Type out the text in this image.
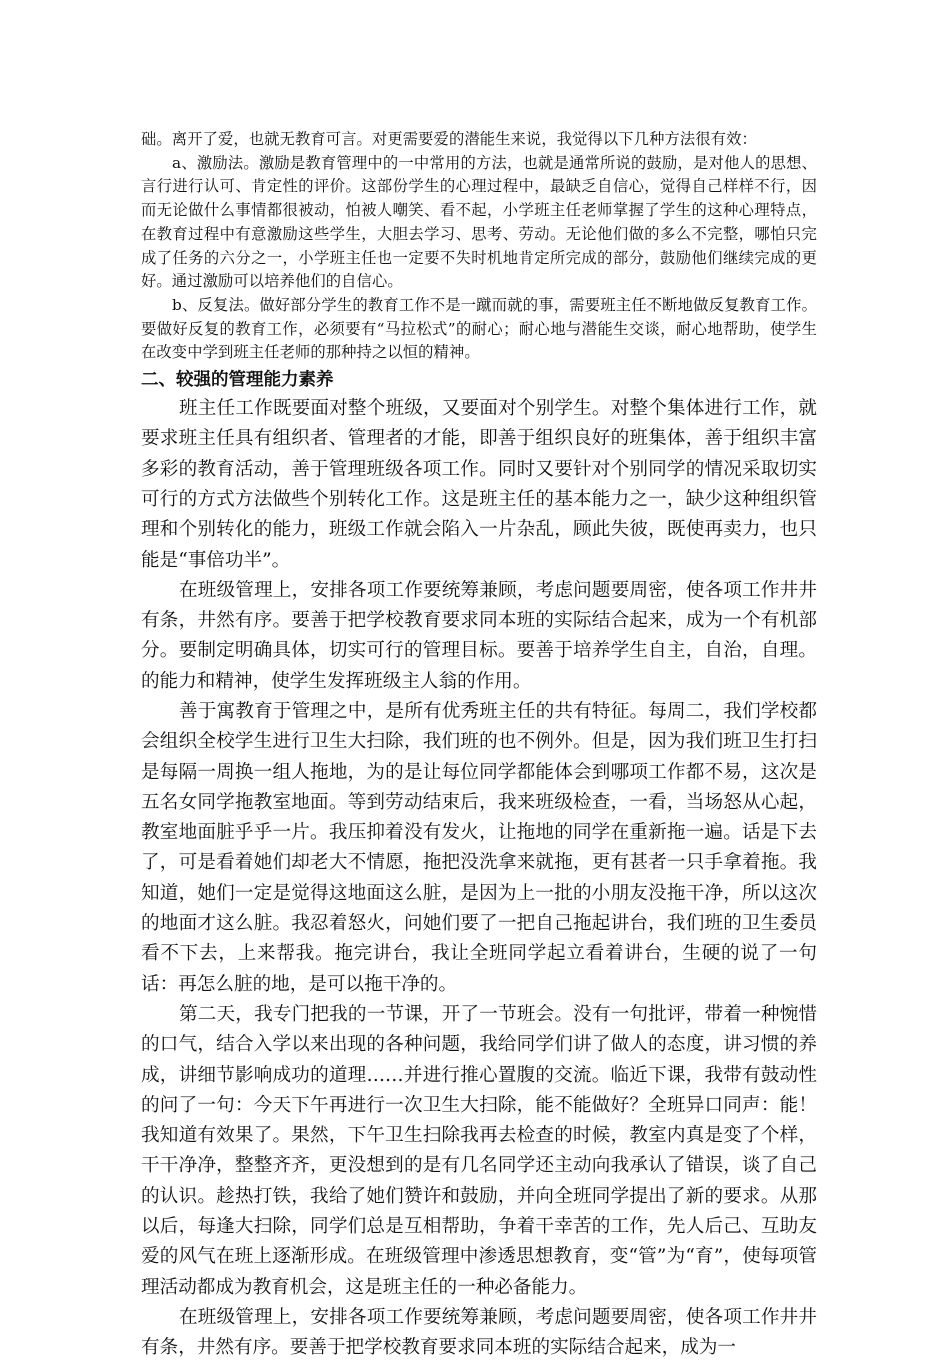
础。离开了爱，也就无教育可言。对更需要爱的潜能生来说，我觉得以下几种方法很有效：

a、激励法。激励是教育管理中的一中常用的方法，也就是通常所说的鼓励，是对他人的思想、言行进行认可、肯定性的评价。这部份学生的心理过程中，最缺乏自信心，觉得自己样样不行，因而无论做什么事情都很被动，怕被人嘲笑、看不起，小学班主任老师掌握了学生的这种心理特点，在教育过程中有意激励这些学生，大胆去学习、思考、劳动。无论他们做的多么不完整，哪怕只完成了任务的六分之一，小学班主任也一定要不失时机地肯定所完成的部分，鼓励他们继续完成的更好。通过激励可以培养他们的自信心。

b、反复法。做好部分学生的教育工作不是一蹴而就的事，需要班主任不断地做反复教育工作。要做好反复的教育工作，必须要有“马拉松式”的耐心；耐心地与潜能生交谈，耐心地帮助，使学生在改变中学到班主任老师的那种持之以恒的精神。

二、较强的管理能力素养

班主任工作既要面对整个班级，又要面对个别学生。对整个集体进行工作，就要求班主任具有组织者、管理者的才能，即善于组织良好的班集体，善于组织丰富多彩的教育活动，善于管理班级各项工作。同时又要针对个别同学的情况采取切实可行的方式方法做些个别转化工作。这是班主任的基本能力之一，缺少这种组织管理和个别转化的能力，班级工作就会陷入一片杂乱，顾此失彼，既使再卖力，也只能是“事倍功半”。

在班级管理上，安排各项工作要统筹兼顾，考虑问题要周密，使各项工作井井有条，井然有序。要善于把学校教育要求同本班的实际结合起来，成为一个有机部分。要制定明确具体，切实可行的管理目标。要善于培养学生自主，自治，自理。的能力和精神，使学生发挥班级主人翁的作用。

善于寓教育于管理之中，是所有优秀班主任的共有特征。每周二，我们学校都会组织全校学生进行卫生大扫除，我们班的也不例外。但是，因为我们班卫生打扫是每隔一周换一组人拖地，为的是让每位同学都能体会到哪项工作都不易，这次是五名女同学拖教室地面。等到劳动结束后，我来班级检查，一看，当场怒从心起，教室地面脏乎乎一片。我压抑着没有发火，让拖地的同学在重新拖一遍。话是下去了，可是看着她们却老大不情愿，拖把没洗拿来就拖，更有甚者一只手拿着拖。我知道，她们一定是觉得这地面这么脏，是因为上一批的小朋友没拖干净，所以这次的地面才这么脏。我忍着怒火，问她们要了一把自己拖起讲台，我们班的卫生委员看不下去，上来帮我。拖完讲台，我让全班同学起立看着讲台，生硬的说了一句话：再怎么脏的地，是可以拖干净的。

第二天，我专门把我的一节课，开了一节班会。没有一句批评，带着一种惋惜的口气，结合入学以来出现的各种问题，我给同学们讲了做人的态度，讲习惯的养成，讲细节影响成功的道理……并进行推心置腹的交流。临近下课，我带有鼓动性的问了一句：今天下午再进行一次卫生大扫除，能不能做好？全班异口同声：能！我知道有效果了。果然，下午卫生扫除我再去检查的时候，教室内真是变了个样，干干净净，整整齐齐，更没想到的是有几名同学还主动向我承认了错误，谈了自己的认识。趁热打铁，我给了她们赞许和鼓励，并向全班同学提出了新的要求。从那以后，每逢大扫除，同学们总是互相帮助，争着干幸苦的工作，先人后己、互助友爱的风气在班上逐渐形成。在班级管理中渗透思想教育，变“管”为“育”，使每项管理活动都成为教育机会，这是班主任的一种必备能力。

在班级管理上，安排各项工作要统筹兼顾，考虑问题要周密，使各项工作井井有条，井然有序。要善于把学校教育要求同本班的实际结合起来，成为一
